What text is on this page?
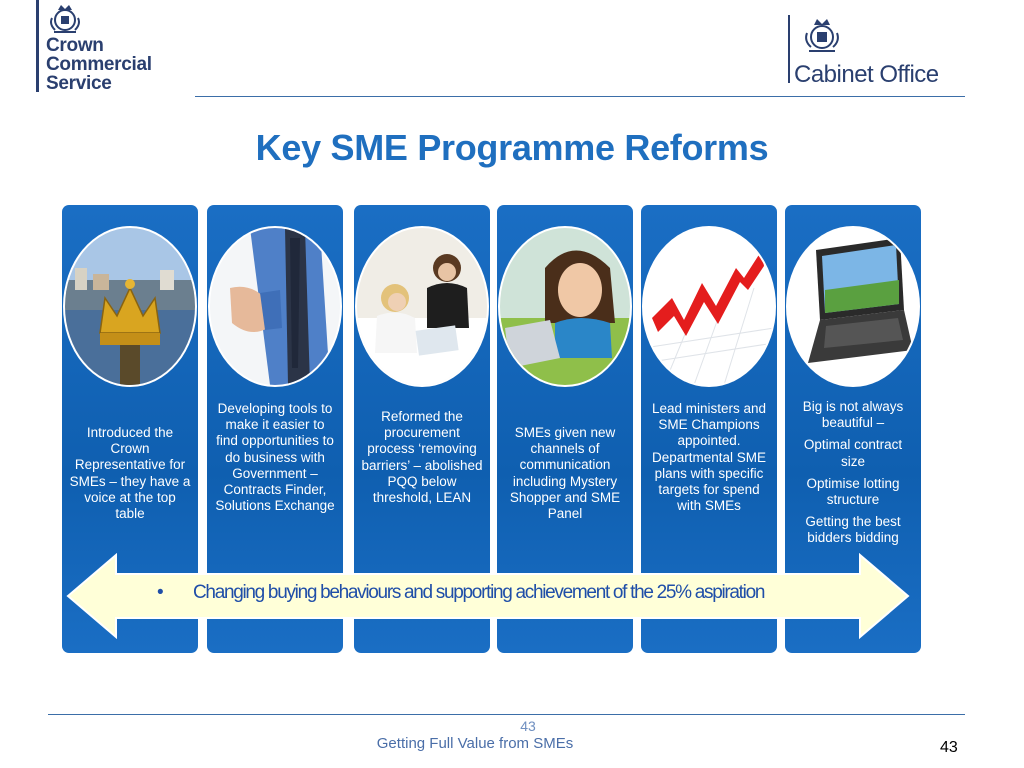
Crown
Commercial
Service	Cabinet Office
Key SME Programme Reforms

Introduced the Crown Representative for SMEs – they have a voice at the top table

Developing tools to make it easier to find opportunities to do business with Government – Contracts Finder, Solutions Exchange

Reformed the procurement process ‘removing barriers’ – abolished PQQ below threshold, LEAN

SMEs given new channels of communication including Mystery Shopper and SME Panel

Lead ministers and SME Champions appointed. Departmental SME plans with specific targets for spend with SMEs

Big is not always beautiful –

Optimal contract size

Optimise lotting structure

Getting the best bidders bidding

• Changing buying behaviours and supporting achievement of the 25% aspiration
43
Getting Full Value from SMEs	43
